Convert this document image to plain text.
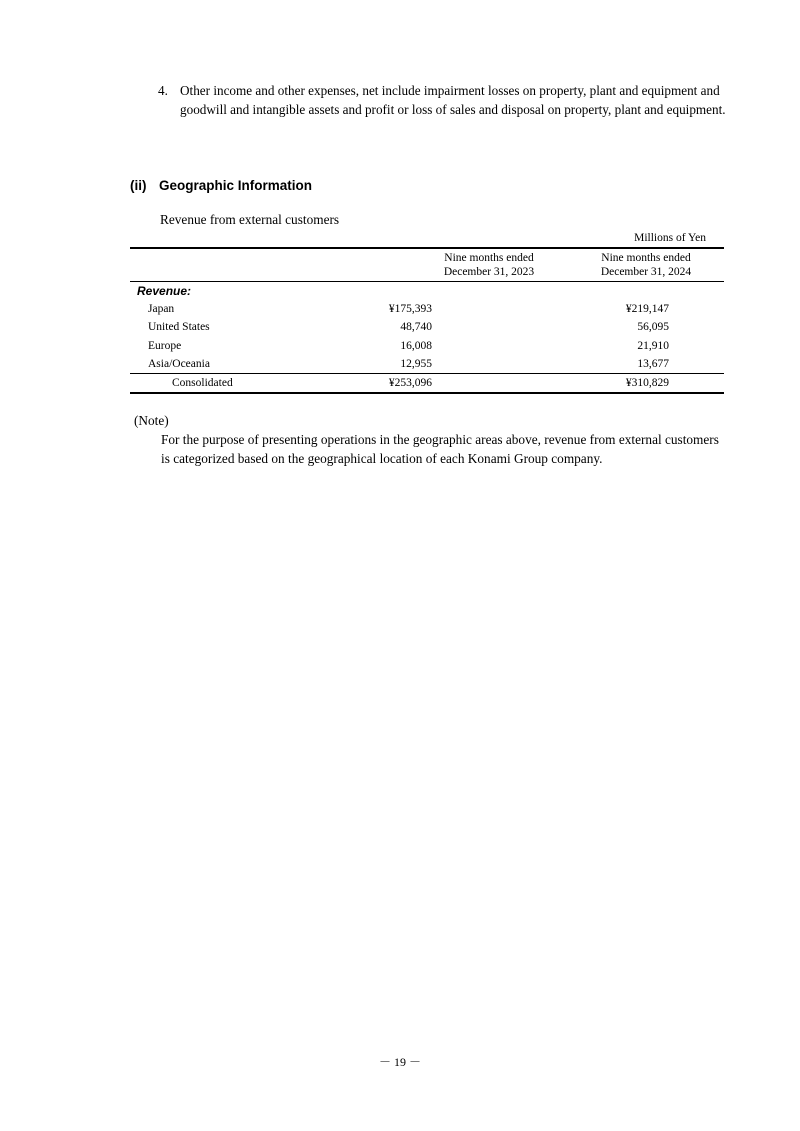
4. Other income and other expenses, net include impairment losses on property, plant and equipment and goodwill and intangible assets and profit or loss of sales and disposal on property, plant and equipment.
(ii) Geographic Information
Revenue from external customers
Millions of Yen
Nine months ended
December 31, 2023
Nine months ended
December 31, 2024
Revenue:
Japan	¥175,393	¥219,147
United States	48,740	56,095
Europe	16,008	21,910
Asia/Oceania	12,955	13,677
Consolidated	¥253,096	¥310,829
(Note)
For the purpose of presenting operations in the geographic areas above, revenue from external customers is categorized based on the geographical location of each Konami Group company.
－ 19 －
